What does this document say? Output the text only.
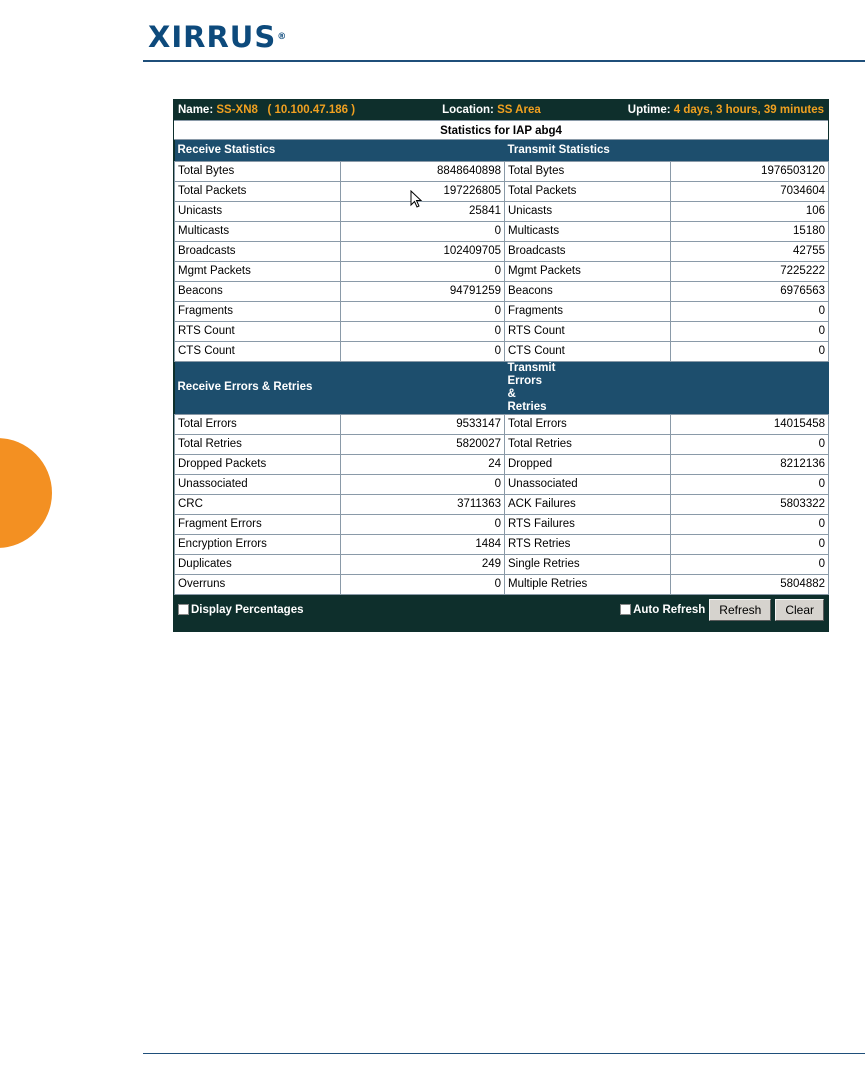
XIRRUS®
Name:
SS-XN8   ( 10.100.47.186 )	Location:
SS Area	Uptime:
4 days, 3 hours, 39 minutes
Statistics for IAP abg4
Receive Statistics		Transmit Statistics	
Total Bytes	8848640898	Total Bytes	1976503120
Total Packets	197226805	Total Packets	7034604
Unicasts	25841	Unicasts	106
Multicasts	0	Multicasts	15180
Broadcasts	102409705	Broadcasts	42755
Mgmt Packets	0	Mgmt Packets	7225222
Beacons	94791259	Beacons	6976563
Fragments	0	Fragments	0
RTS Count	0	RTS Count	0
CTS Count	0	CTS Count	0
Receive Errors & Retries		Transmit Errors & Retries	
Total Errors	9533147	Total Errors	14015458
Total Retries	5820027	Total Retries	0
Dropped Packets	24	Dropped	8212136
Unassociated	0	Unassociated	0
CRC	3711363	ACK Failures	5803322
Fragment Errors	0	RTS Failures	0
Encryption Errors	1484	RTS Retries	0
Duplicates	249	Single Retries	0
Overruns	0	Multiple Retries	5804882
Display Percentages	Auto Refresh	Refresh	Clear
